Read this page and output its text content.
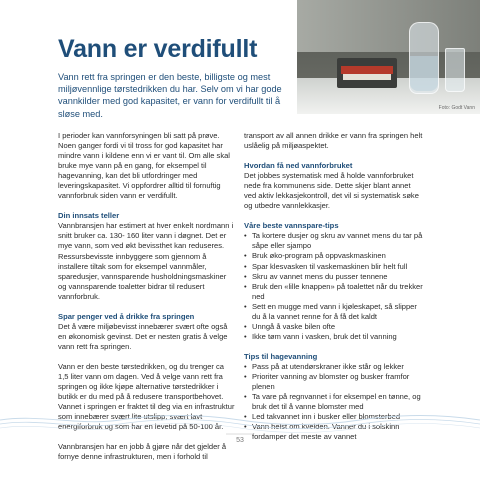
Vann er verdifullt

Vann rett fra springen er den beste, billigste og mest miljøvennlige tørstedrikken du har. Selv om vi har gode vannkilder med god kapasitet, er vann for verdifullt til å sløse med.

Foto: Godt Vann

I perioder kan vannforsyningen bli satt på prøve. Noen ganger fordi vi til tross for god kapasitet har mindre vann i kildene enn vi er vant til. Om alle skal bruke mye vann på en gang, for eksempel til hagevanning, kan det bli utfordringer med leveringskapasitet. Vi oppfordrer alltid til fornuftig vannforbruk siden vann er verdifullt.

Din innsats teller

Vannbransjen har estimert at hver enkelt nordmann i snitt bruker ca. 130- 160 liter vann i døgnet. Det er mye vann, som ved økt bevissthet kan reduseres. Ressursbevisste innbyggere som gjennom å installere tiltak som for eksempel vannmåler, sparedusjer, vannsparende husholdningsmaskiner og vannsparende toaletter bidrar til redusert vannforbruk.

Spar penger ved å drikke fra springen

Det å være miljøbevisst innebærer svært ofte også en økonomisk gevinst. Det er nesten gratis å velge vann rett fra springen.

Vann er den beste tørstedrikken, og du trenger ca 1,5 liter vann om dagen. Ved å velge vann rett fra springen og ikke kjøpe alternative tørstedrikker i butikk er du med på å redusere transportbehovet. Vannet i springen er fraktet til deg via en infrastruktur som innebærer svært lite utslipp, svært lavt energiforbruk og som har en levetid på 50-100 år.

Vannbransjen har en jobb å gjøre når det gjelder å fornye denne infrastrukturen, men i forhold til

transport av all annen drikke er vann fra springen helt uslåelig på miljøaspektet.

Hvordan få ned vannforbruket

Det jobbes systematisk med å holde vannforbruket nede fra kommunens side. Dette skjer blant annet ved aktiv lekkasjekontroll, det vil si systematisk søke og utbedre vannlekkasjer.

Våre beste vannspare-tips
• Ta kortere dusjer og skru av vannet mens du tar på såpe eller sjampo
• Bruk øko-program på oppvaskmaskinen
• Spar klesvasken til vaskemaskinen blir helt full
• Skru av vannet mens du pusser tennene
• Bruk den «lille knappen» på toalettet når du trekker ned
• Sett en mugge med vann i kjøleskapet, så slipper du å la vannet renne for å få det kaldt
• Unngå å vaske bilen ofte
• Ikke tøm vann i vasken, bruk det til vanning
Tips til hagevanning
• Pass på at utendørskraner ikke står og lekker
• Prioriter vanning av blomster og busker framfor plenen
• Ta vare på regnvannet i for eksempel en tønne, og bruk det til å vanne blomster med
• Led takvannet inn i busker eller blomsterbed
• Vann helst om kvelden. Vanner du i solskinn fordamper det meste av vannet

53
